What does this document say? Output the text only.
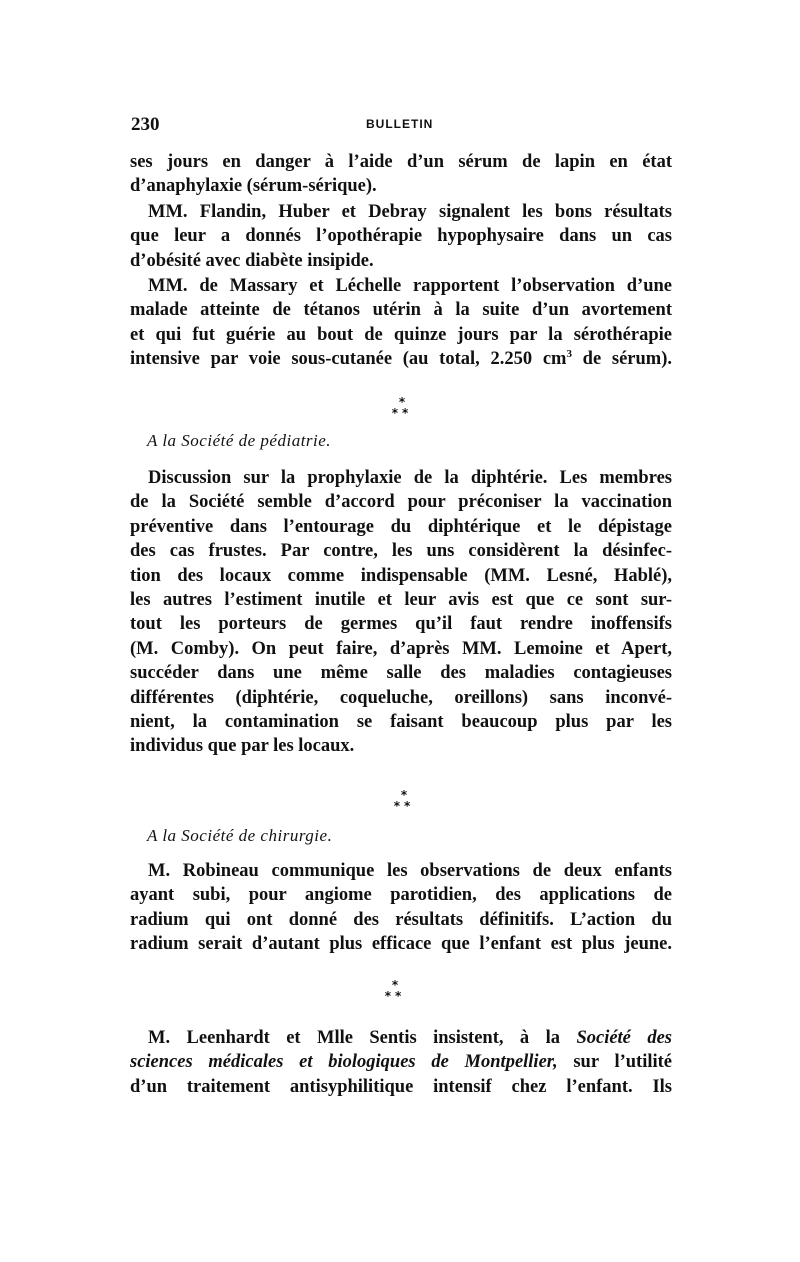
230	BULLETIN
ses jours en danger à l’aide d’un sérum de lapin en état
d’anaphylaxie (sérum-sérique).
MM. Flandin, Huber et Debray signalent les bons résultats
que leur a donnés l’opothérapie hypophysaire dans un cas
d’obésité avec diabète insipide.
MM. de Massary et Léchelle rapportent l’observation d’une
malade atteinte de tétanos utérin à la suite d’un avortement
et qui fut guérie au bout de quinze jours par la sérothérapie
intensive par voie sous-cutanée (au total, 2.250 $cm^3$ de sérum).
*
**
A la Société de pédiatrie.
Discussion sur la prophylaxie de la diphtérie. Les membres
de la Société semble d’accord pour préconiser la vaccination
préventive dans l’entourage du diphtérique et le dépistage
des cas frustes. Par contre, les uns considèrent la désinfec-
tion des locaux comme indispensable (MM. Lesné, Hablé),
les autres l’estiment inutile et leur avis est que ce sont sur-
tout les porteurs de germes qu’il faut rendre inoffensifs
(M. Comby). On peut faire, d’après MM. Lemoine et Apert,
succéder dans une même salle des maladies contagieuses
différentes (diphtérie, coqueluche, oreillons) sans inconvé-
nient, la contamination se faisant beaucoup plus par les
individus que par les locaux.
*
**
A la Société de chirurgie.
M. Robineau communique les observations de deux enfants
ayant subi, pour angiome parotidien, des applications de
radium qui ont donné des résultats définitifs. L’action du
radium serait d’autant plus efficace que l’enfant est plus jeune.
*
**
M. Leenhardt et Mlle Sentis insistent, à la Société des
sciences médicales et biologiques de Montpellier, sur l’utilité
d’un traitement antisyphilitique intensif chez l’enfant. Ils
